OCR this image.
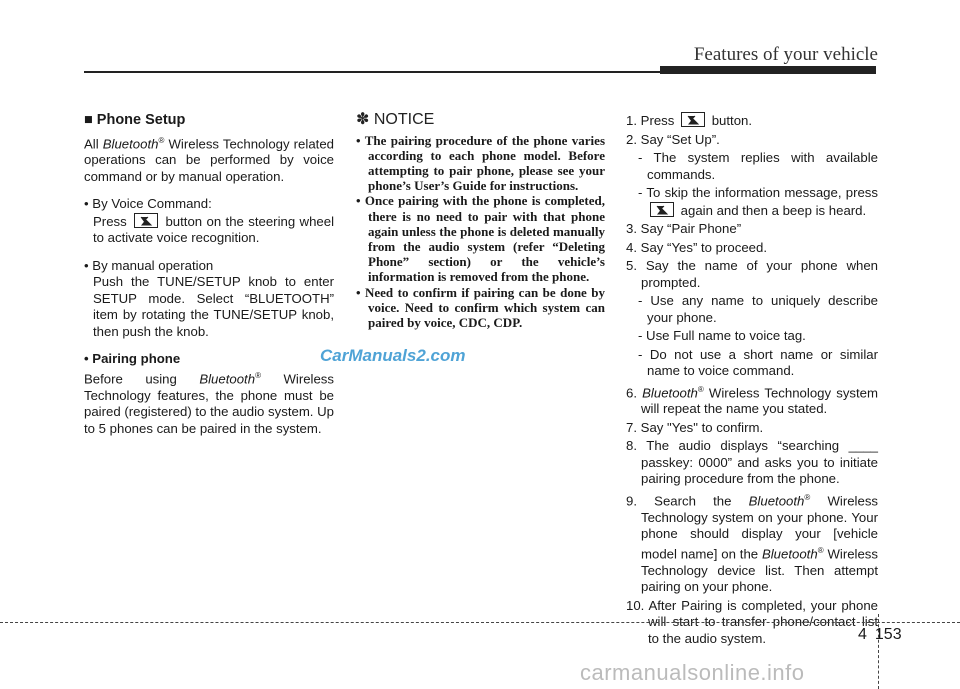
Features of your vehicle
■ Phone Setup

All Bluetooth® Wireless Technology related operations can be performed by voice command or by manual operation.

• By Voice Command:
Press
button on the steering wheel to activate voice recognition.
• By manual operation
Push the TUNE/SETUP knob to enter SETUP mode. Select “BLUETOOTH” item by rotating the TUNE/SETUP knob, then push the knob.
• Pairing phone

Before using Bluetooth® Wireless Technology features, the phone must be paired (registered) to the audio system. Up to 5 phones can be paired in the system.

✽ NOTICE
• The pairing procedure of the phone varies according to each phone model. Before attempting to pair phone, please see your phone’s User’s Guide for instructions.
• Once pairing with the phone is completed, there is no need to pair with that phone again unless the phone is deleted manually from the audio system (refer “Deleting Phone” section) or the vehicle’s information is removed from the phone.
• Need to confirm if pairing can be done by voice. Need to confirm which system can paired by voice, CDC, CDP.
1. Press
button.
2. Say “Set Up”.
- The system replies with available commands.
- To skip the information message, press
again and then a beep is heard.
3. Say “Pair Phone”
4. Say “Yes” to proceed.
5. Say the name of your phone when prompted.
- Use any name to uniquely describe your phone.
- Use Full name to voice tag.
- Do not use a short name or similar name to voice command.
6. Bluetooth® Wireless Technology system will repeat the name you stated.
7. Say "Yes" to confirm.
8. The audio displays “searching ____ passkey: 0000” and asks you to initiate pairing procedure from the phone.
9. Search the Bluetooth® Wireless Technology system on your phone. Your phone should display your [vehicle model name] on the Bluetooth® Wireless Technology device list. Then attempt pairing on your phone.
10. After Pairing is completed, your phone will start to transfer phone/contact list to the audio system.
CarManuals2.com
4 153
carmanualsonline.info
